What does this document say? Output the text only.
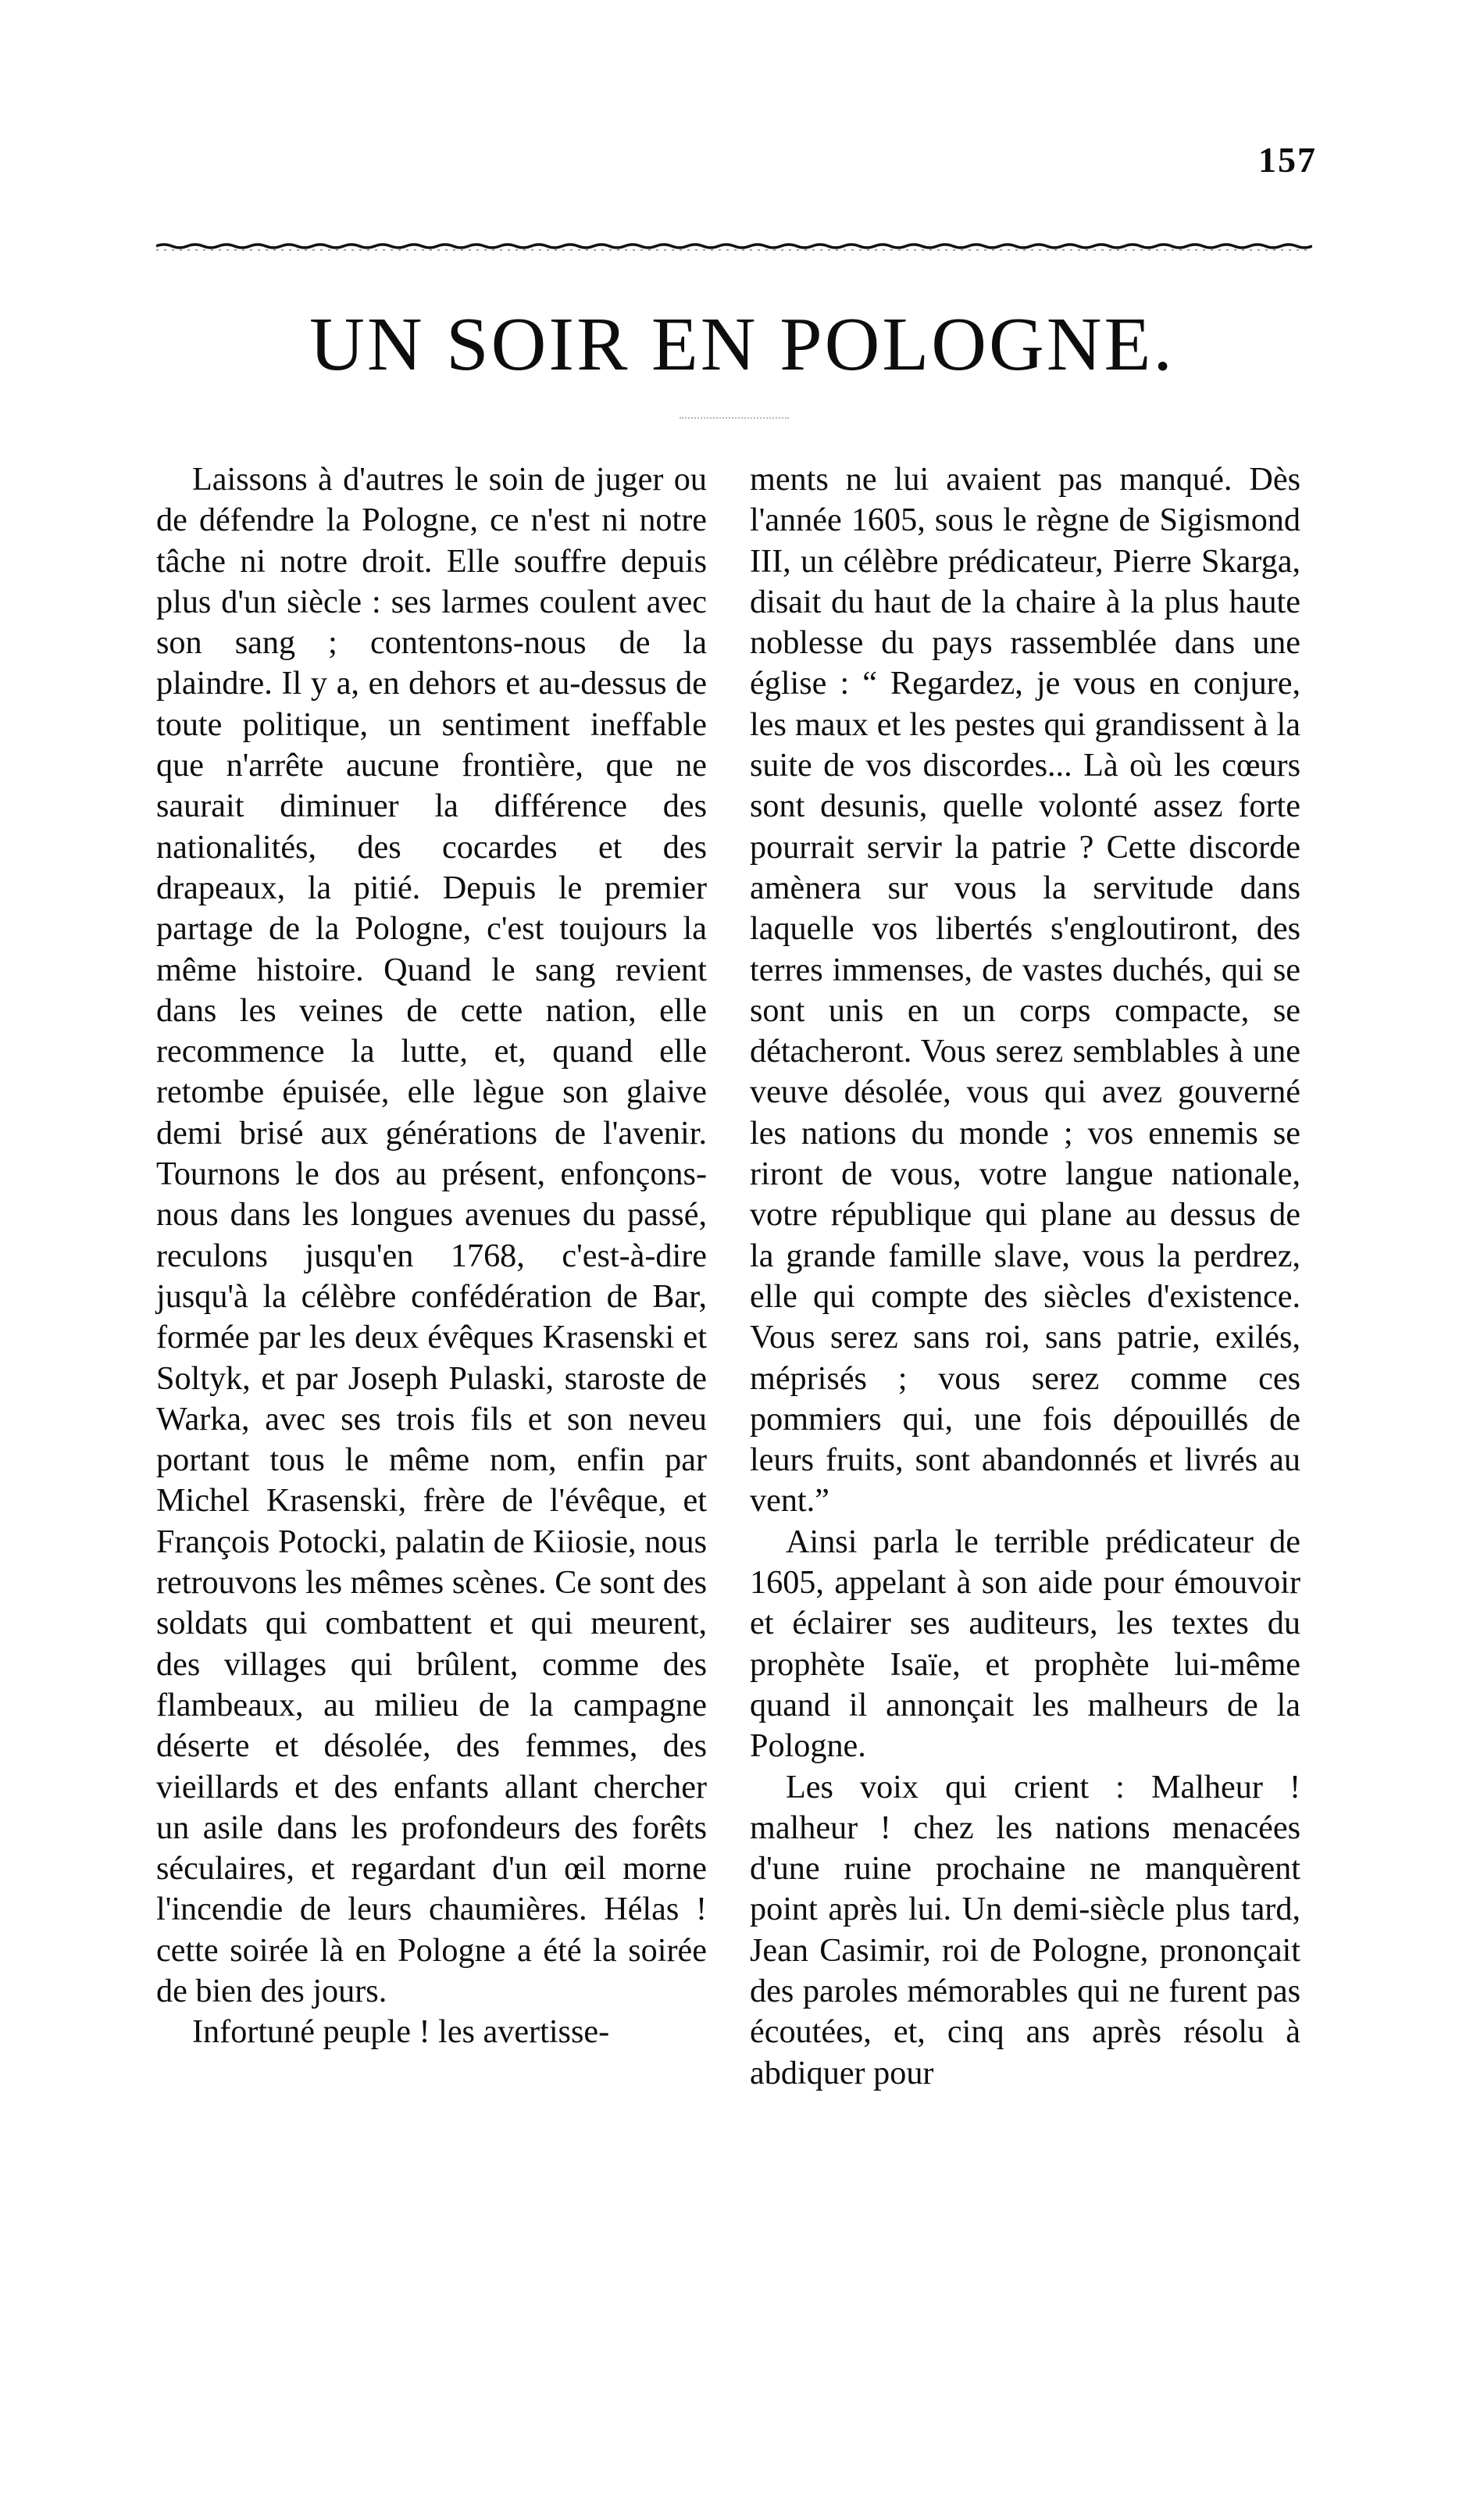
157
UN SOIR EN POLOGNE.

Laissons à d'autres le soin de juger ou de défendre la Pologne, ce n'est ni notre tâche ni notre droit. Elle souffre depuis plus d'un siècle : ses larmes coulent avec son sang ; contentons-nous de la plaindre. Il y a, en dehors et au-dessus de toute politique, un sentiment ineffable que n'arrête aucune frontière, que ne saurait diminuer la différence des nationalités, des cocardes et des drapeaux, la pitié. Depuis le premier partage de la Pologne, c'est toujours la même histoire. Quand le sang revient dans les veines de cette nation, elle recommence la lutte, et, quand elle retombe épuisée, elle lègue son glaive demi brisé aux générations de l'avenir. Tournons le dos au présent, enfonçons-nous dans les longues avenues du passé, reculons jusqu'en 1768, c'est-à-dire jusqu'à la célèbre confédération de Bar, formée par les deux évêques Krasenski et Soltyk, et par Joseph Pulaski, staroste de Warka, avec ses trois fils et son neveu portant tous le même nom, enfin par Michel Krasenski, frère de l'évêque, et François Potocki, palatin de Kiiosie, nous retrouvons les mêmes scènes. Ce sont des soldats qui combattent et qui meurent, des villages qui brûlent, comme des flambeaux, au milieu de la campagne déserte et désolée, des femmes, des vieillards et des enfants allant chercher un asile dans les profondeurs des forêts séculaires, et regardant d'un œil morne l'incendie de leurs chaumières. Hélas ! cette soirée là en Pologne a été la soirée de bien des jours.

Infortuné peuple ! les avertisse-

ments ne lui avaient pas manqué. Dès l'année 1605, sous le règne de Sigismond III, un célèbre prédicateur, Pierre Skarga, disait du haut de la chaire à la plus haute noblesse du pays rassemblée dans une église : “ Regardez, je vous en conjure, les maux et les pestes qui grandissent à la suite de vos discordes... Là où les cœurs sont desunis, quelle volonté assez forte pourrait servir la patrie ? Cette discorde amènera sur vous la servitude dans laquelle vos libertés s'engloutiront, des terres immenses, de vastes duchés, qui se sont unis en un corps compacte, se détacheront. Vous serez semblables à une veuve désolée, vous qui avez gouverné les nations du monde ; vos ennemis se riront de vous, votre langue nationale, votre république qui plane au dessus de la grande famille slave, vous la perdrez, elle qui compte des siècles d'existence. Vous serez sans roi, sans patrie, exilés, méprisés ; vous serez comme ces pommiers qui, une fois dépouillés de leurs fruits, sont abandonnés et livrés au vent.”

Ainsi parla le terrible prédicateur de 1605, appelant à son aide pour émouvoir et éclairer ses auditeurs, les textes du prophète Isaïe, et prophète lui-même quand il annonçait les malheurs de la Pologne.

Les voix qui crient : Malheur ! malheur ! chez les nations menacées d'une ruine prochaine ne manquèrent point après lui. Un demi-siècle plus tard, Jean Casimir, roi de Pologne, prononçait des paroles mémorables qui ne furent pas écoutées, et, cinq ans après résolu à abdiquer pour
